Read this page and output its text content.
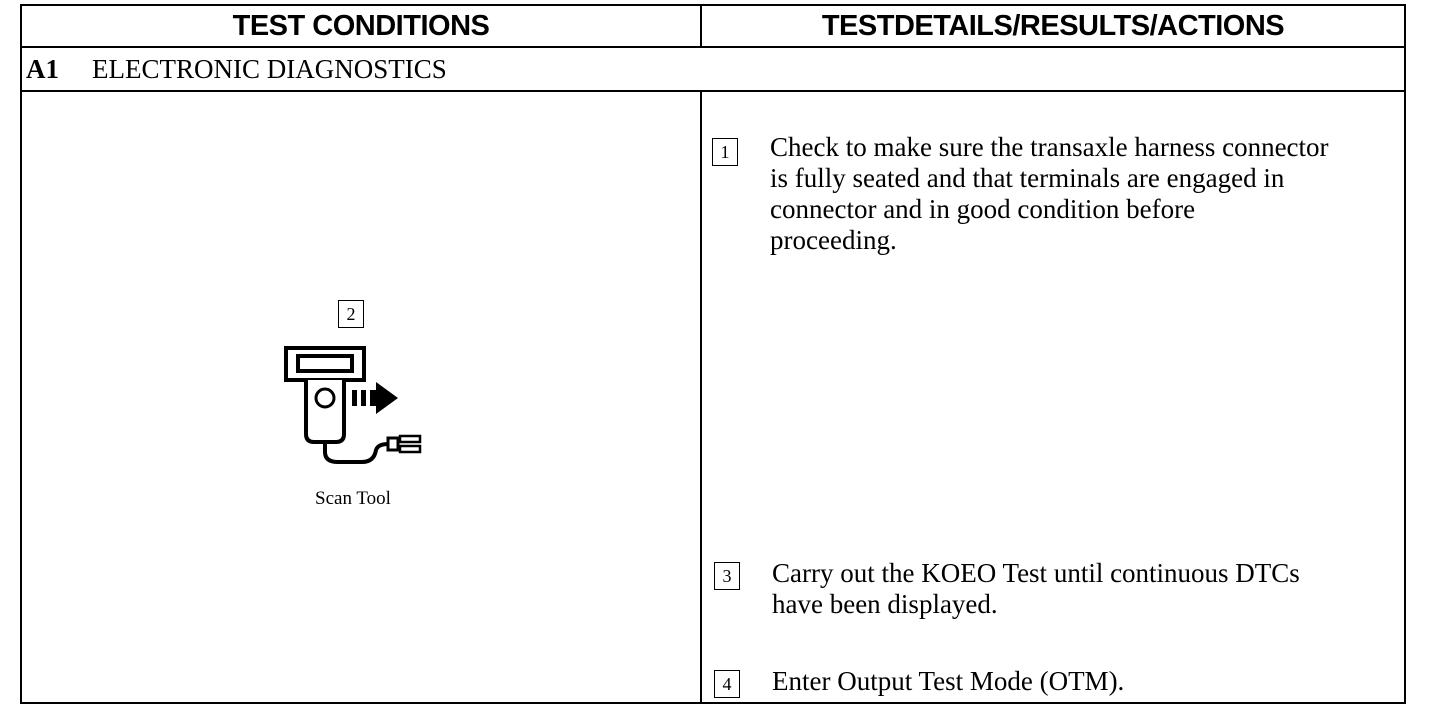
TEST CONDITIONS	TESTDETAILS/RESULTS/ACTIONS
A1	ELECTRONIC DIAGNOSTICS
2
Scan Tool
1	Check to make sure the transaxle harness connector
is fully seated and that terminals are engaged in
connector and in good condition before
proceeding.
3	Carry out the KOEO Test until continuous DTCs
have been displayed.
4	Enter Output Test Mode (OTM).
